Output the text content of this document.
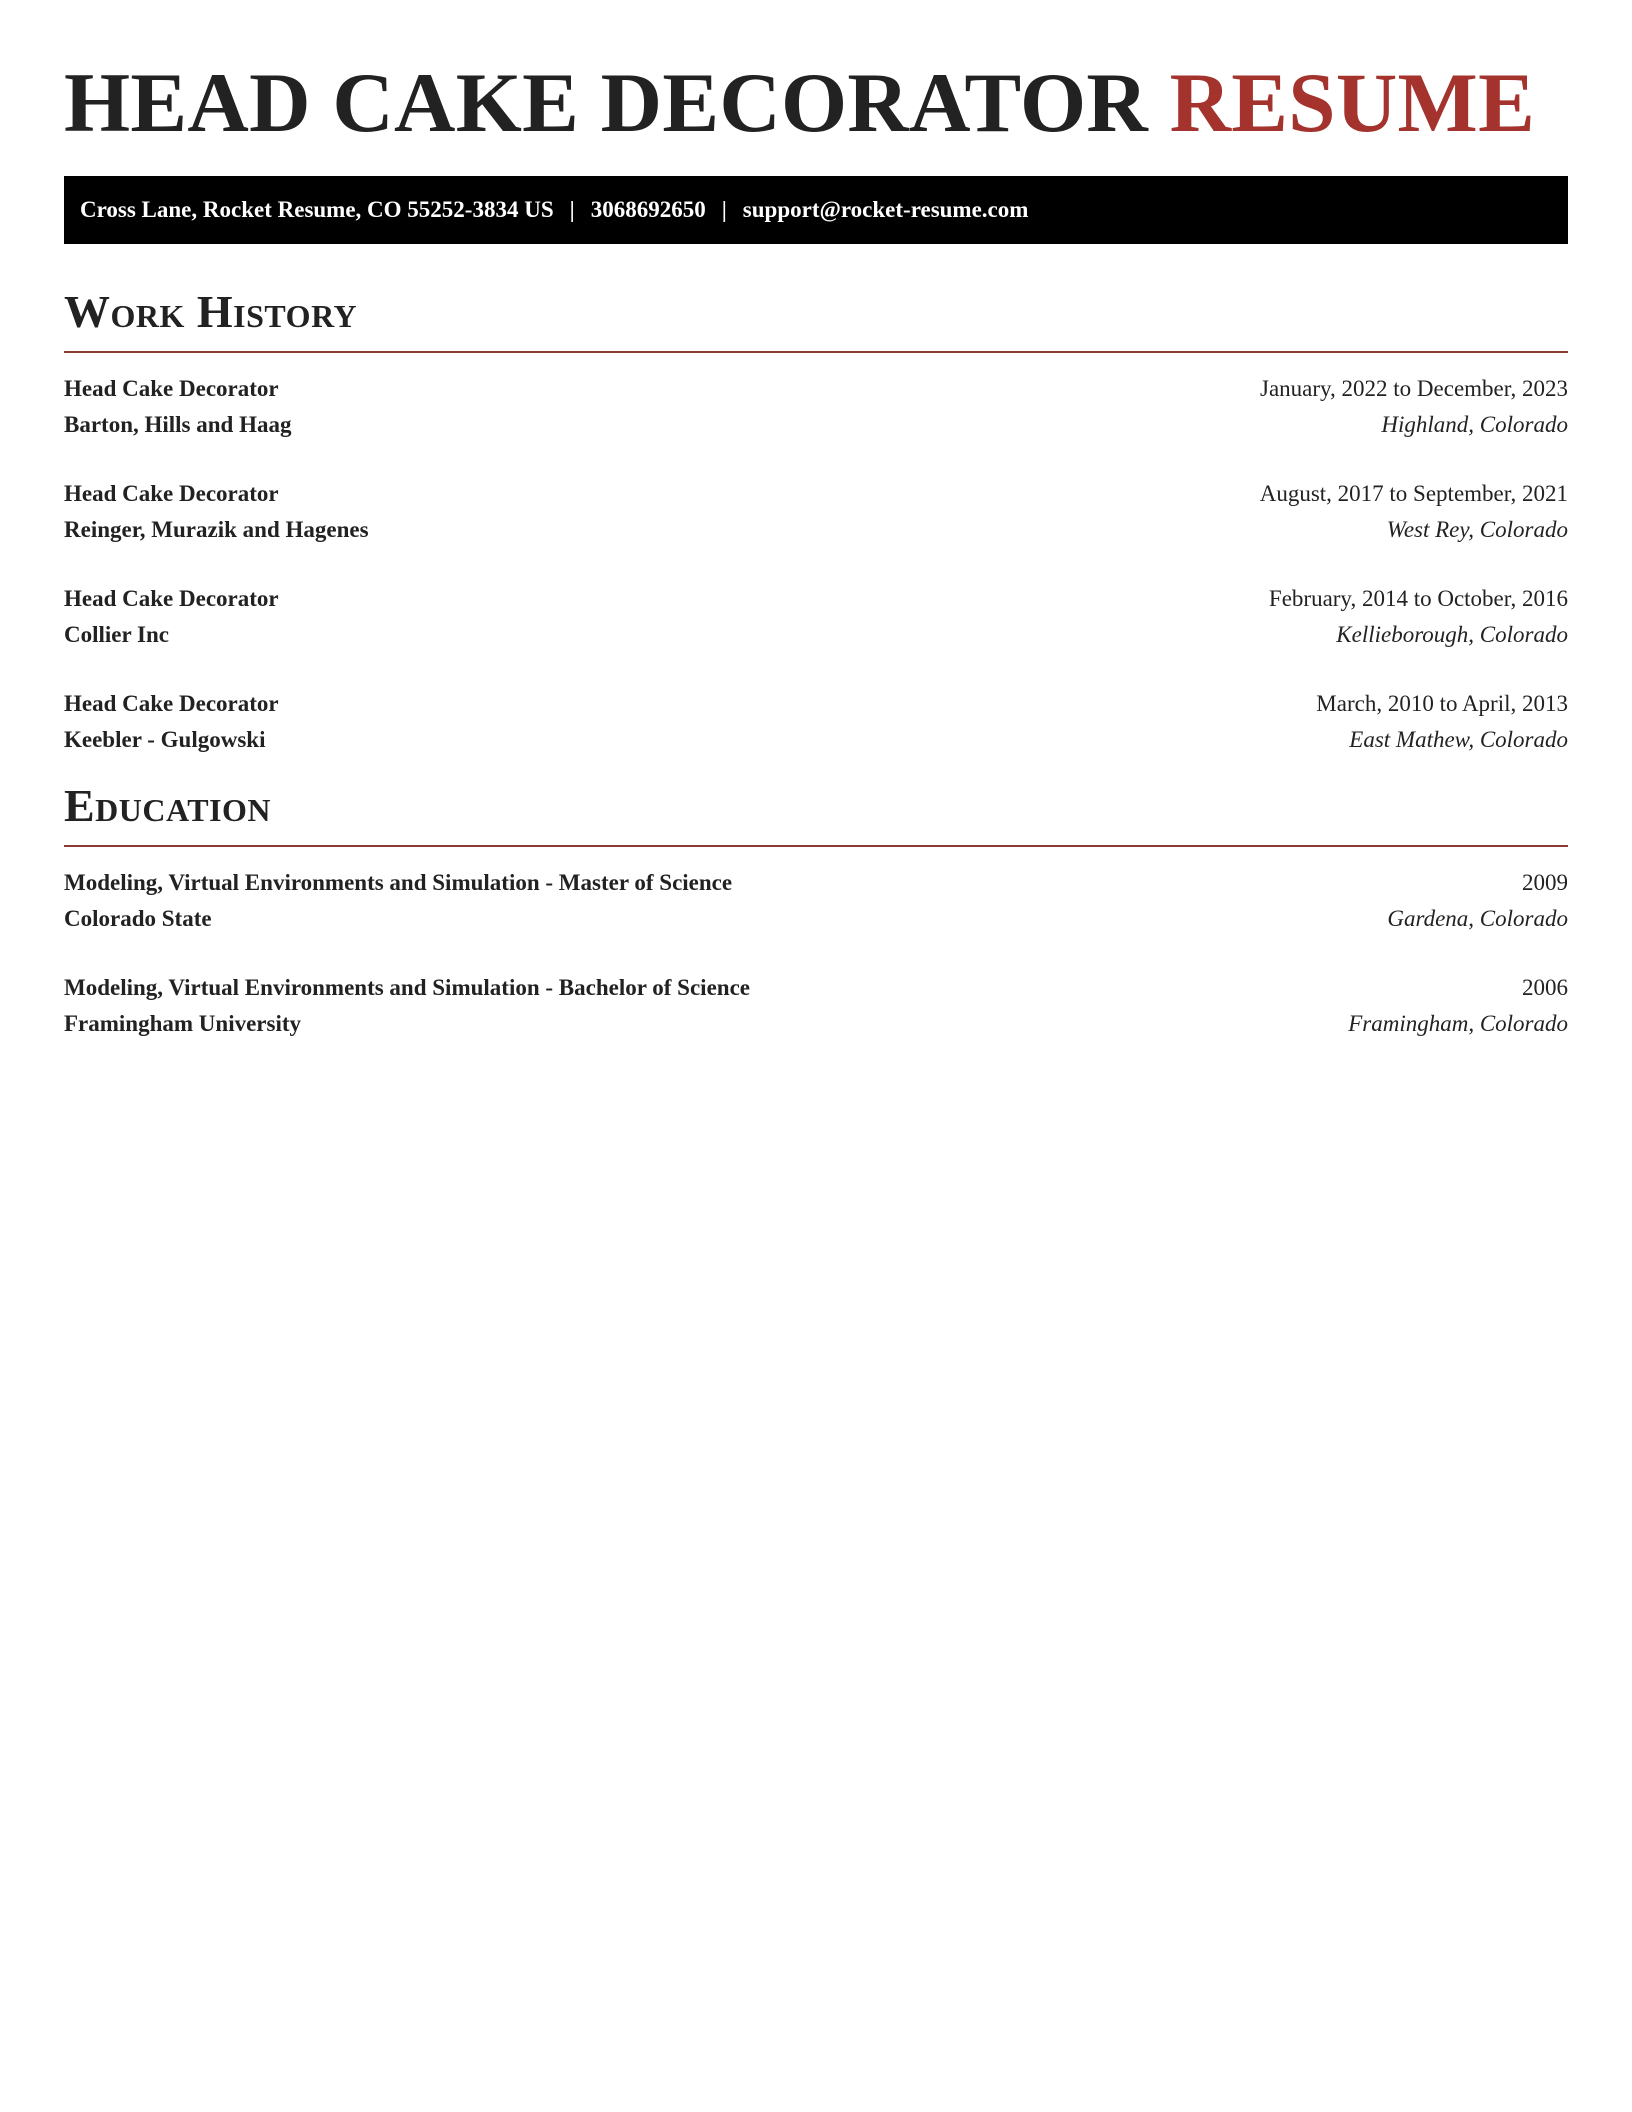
HEAD CAKE DECORATOR RESUME
Cross Lane, Rocket Resume, CO 55252-3834 US | 3068692650 | support@rocket-resume.com
Work History
Head Cake Decorator	January, 2022 to December, 2023
Barton, Hills and Haag	Highland, Colorado
Head Cake Decorator	August, 2017 to September, 2021
Reinger, Murazik and Hagenes	West Rey, Colorado
Head Cake Decorator	February, 2014 to October, 2016
Collier Inc	Kellieborough, Colorado
Head Cake Decorator	March, 2010 to April, 2013
Keebler - Gulgowski	East Mathew, Colorado
Education
Modeling, Virtual Environments and Simulation - Master of Science	2009
Colorado State	Gardena, Colorado
Modeling, Virtual Environments and Simulation - Bachelor of Science	2006
Framingham University	Framingham, Colorado
